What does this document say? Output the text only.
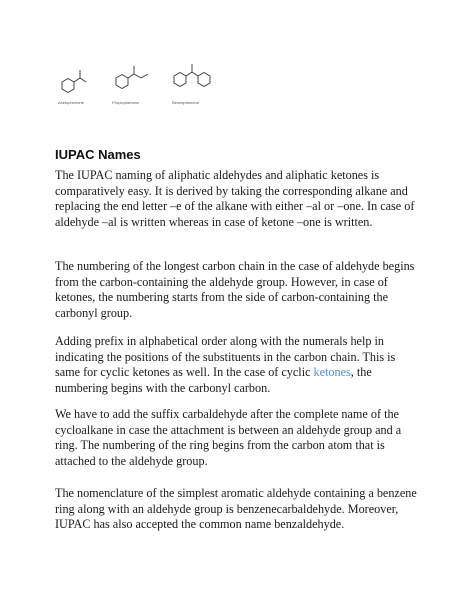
Acetophenone	Propiophenone	Benzophenone
IUPAC Names

The IUPAC naming of aliphatic aldehydes and aliphatic ketones is comparatively easy. It is derived by taking the corresponding alkane and replacing the end letter –e of the alkane with either –al or –one. In case of aldehyde –al is written whereas in case of ketone –one is written.

The numbering of the longest carbon chain in the case of aldehyde begins from the carbon-containing the aldehyde group. However, in case of ketones, the numbering starts from the side of carbon-containing the carbonyl group.

Adding prefix in alphabetical order along with the numerals help in indicating the positions of the substituents in the carbon chain. This is same for cyclic ketones as well. In the case of cyclic ketones, the numbering begins with the carbonyl carbon.

We have to add the suffix carbaldehyde after the complete name of the cycloalkane in case the attachment is between an aldehyde group and a ring. The numbering of the ring begins from the carbon atom that is attached to the aldehyde group.

The nomenclature of the simplest aromatic aldehyde containing a benzene ring along with an aldehyde group is benzenecarbaldehyde. Moreover, IUPAC has also accepted the common name benzaldehyde.
